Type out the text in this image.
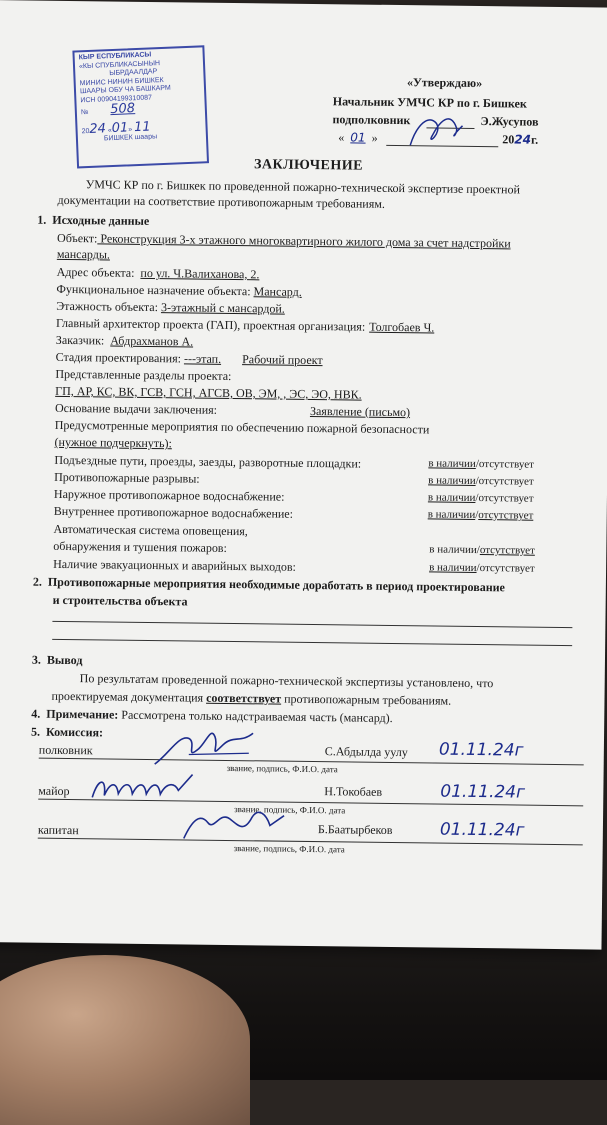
КЫР ЕСПУБЛИКАСЫ
«КЫ СПУБЛИКАСЫНЫН
ЫБРДААЛДАР
МИНИС НИНИН БИШКЕК
ШААРЫ ОБУ ЧА БАШКАРМ
ИСН 00904199310087
№ 508
2024 «01» 11
БИШКЕК шаары
«Утверждаю»
Начальник УМЧС КР по г. Бишкек
подполковник	Э.Жусупов
« 01 »	2024г.
ЗАКЛЮЧЕНИЕ
УМЧС КР по г. Бишкек по проведенной пожарно-технической экспертизе проектной
документации на соответствие противопожарным требованиям.
1. Исходные данные
Объект: Реконструкция 3-х этажного многоквартирного жилого дома за счет надстройки
мансарды.
Адрес объекта: по ул. Ч.Валиханова, 2.
Функциональное назначение объекта: Мансард.
Этажность объекта: 3-этажный с мансардой.
Главный архитектор проекта (ГАП), проектная организация: Толгобаев Ч.
Заказчик: Абдрахманов А.
Стадия проектирования: ---этап. Рабочий проект
Представленные разделы проекта:
ГП, АР, КС, ВК, ГСВ, ГСН, АГСВ, ОВ, ЭМ, , ЭС, ЭО, НВК.
Основание выдачи заключения:	Заявление (письмо)
Предусмотренные мероприятия по обеспечению пожарной безопасности
(нужное подчеркнуть):
Подъездные пути, проезды, заезды, разворотные площадки:	в наличии/отсутствует
Противопожарные разрывы:	в наличии/отсутствует
Наружное противопожарное водоснабжение:	в наличии/отсутствует
Внутреннее противопожарное водоснабжение:	в наличии/отсутствует
Автоматическая система оповещения,
обнаружения и тушения пожаров:	в наличии/отсутствует
Наличие эвакуационных и аварийных выходов:	в наличии/отсутствует
2. Противопожарные мероприятия необходимые доработать в период проектирование
и строительства объекта
3. Вывод
По результатам проведенной пожарно-технической экспертизы установлено, что
проектируемая документация соответствует противопожарным требованиям.
4. Примечание: Рассмотрена только надстраиваемая часть (мансард).
5. Комиссия:
полковник	С.Абдылда уулу 01.11.24г
звание, подпись, Ф.И.О. дата
майор	Н.Токобаев	01.11.24г
звание, подпись, Ф.И.О. дата
капитан	Б.Баатырбеков	01.11.24г
звание, подпись, Ф.И.О. дата
